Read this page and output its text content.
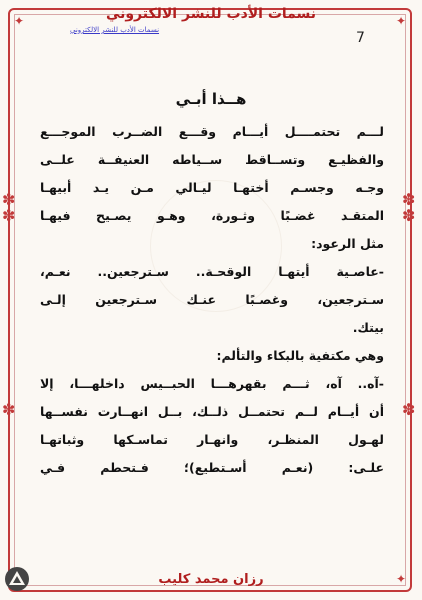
✽
✽
✽
✽
✽	✽
✦	✦
✦
نسمات الأدب للنشر الالكتروني
نسمات الأدب للنشر الالكتروني	7
هــذا أبـي
لـــم تحتمــــل أيـــام وقـــع الضــرب الموجـــع
والفظيـع وتســاقط ســياطه العنيفــة علــى
وجـه وجسـم أختهـا ليـالي مـن يـد أبيهـا
المتقـد غضـبًا وثـورة، وهـو يصـيح فيهـا
مثل الرعود:
-عاصـية أيتهـا الوقحـة.. سـترجعين.. نعـم،
سـترجعين، وغصـبًا عنـك سـترجعين إلـى
بيتك.
وهي مكتفية بالبكاء والتألم:
-آه.. آه، ثـــم بقهرهـــا الحبــيس داخلهـــا، إلا
أن أيــام لــم تحتمــل ذلــك، بــل انهــارت نفســها
لهـول المنظـر، وانهـار تماسـكها وثباتهـا
علـى: (نعـم أسـتطيع)؛ فـتحطم فـي
رزان محمد كليب
